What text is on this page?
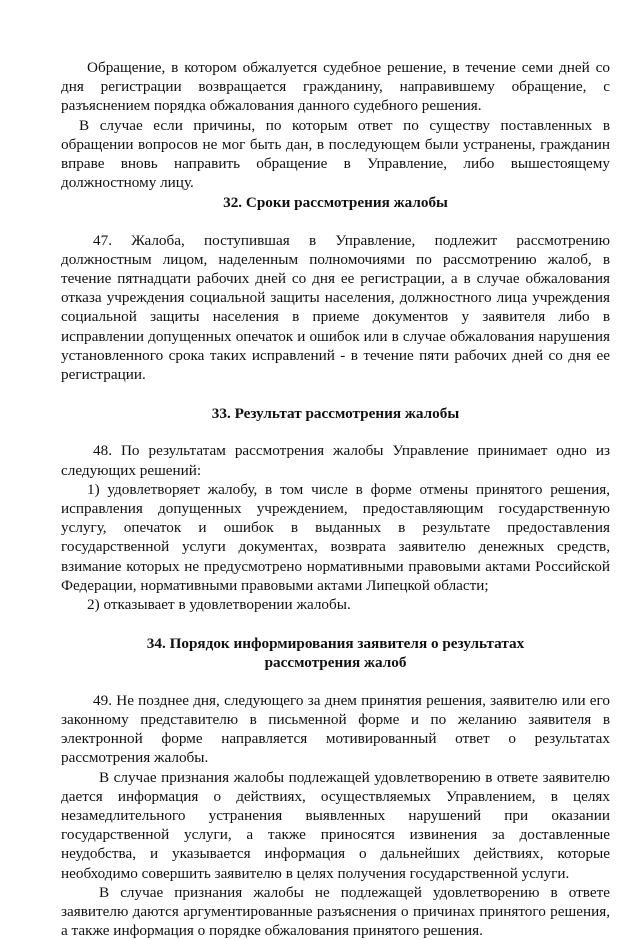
Обращение, в котором обжалуется судебное решение, в течение семи дней со дня регистрации возвращается гражданину, направившему обращение, с разъяснением порядка обжалования данного судебного решения.

В случае если причины, по которым ответ по существу поставленных в обращении вопросов не мог быть дан, в последующем были устранены, гражданин вправе вновь направить обращение в Управление, либо вышестоящему должностному лицу.

32. Сроки рассмотрения жалобы

47. Жалоба, поступившая в Управление, подлежит рассмотрению должностным лицом, наделенным полномочиями по рассмотрению жалоб, в течение пятнадцати рабочих дней со дня ее регистрации, а в случае обжалования отказа учреждения социальной защиты населения, должностного лица учреждения социальной защиты населения в приеме документов у заявителя либо в исправлении допущенных опечаток и ошибок или в случае обжалования нарушения установленного срока таких исправлений - в течение пяти рабочих дней со дня ее регистрации.

33. Результат рассмотрения жалобы

48. По результатам рассмотрения жалобы Управление принимает одно из следующих решений:

1) удовлетворяет жалобу, в том числе в форме отмены принятого решения, исправления допущенных учреждением, предоставляющим государственную услугу, опечаток и ошибок в выданных в результате предоставления государственной услуги документах, возврата заявителю денежных средств, взимание которых не предусмотрено нормативными правовыми актами Российской Федерации, нормативными правовыми актами Липецкой области;

2) отказывает в удовлетворении жалобы.

34. Порядок информирования заявителя о результатах
рассмотрения жалоб

49. Не позднее дня, следующего за днем принятия решения, заявителю или его законному представителю в письменной форме и по желанию заявителя в электронной форме направляется мотивированный ответ о результатах рассмотрения жалобы.

В случае признания жалобы подлежащей удовлетворению в ответе заявителю дается информация о действиях, осуществляемых Управлением, в целях незамедлительного устранения выявленных нарушений при оказании государственной услуги, а также приносятся извинения за доставленные неудобства, и указывается информация о дальнейших действиях, которые необходимо совершить заявителю в целях получения государственной услуги.

В случае признания жалобы не подлежащей удовлетворению в ответе заявителю даются аргументированные разъяснения о причинах принятого решения, а также информация о порядке обжалования принятого решения.
